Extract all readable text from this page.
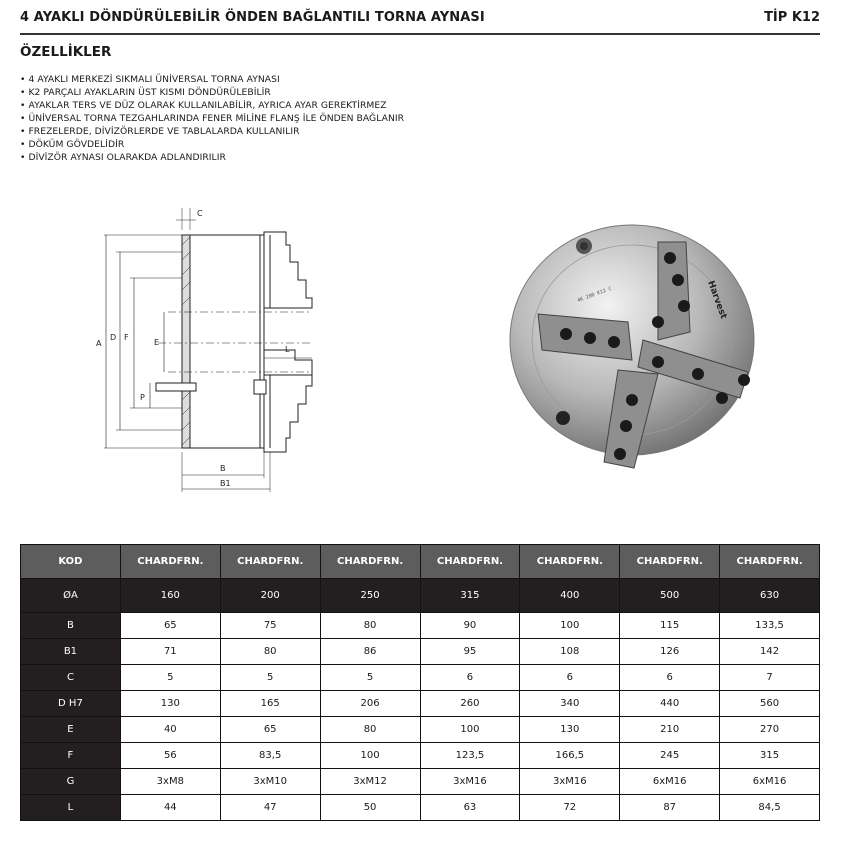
4 AYAKLI DÖNDÜRÜLEBİLİR ÖNDEN BAĞLANTILI TORNA AYNASI	TİP K12
ÖZELLİKLER
• 4 AYAKLI MERKEZİ SIKMALI ÜNİVERSAL TORNA AYNASI
• K2 PARÇALI AYAKLARIN ÜST KISMI DÖNDÜRÜLEBİLİR
• AYAKLAR TERS VE DÜZ OLARAK KULLANILABİLİR, AYRICA AYAR GEREKTİRMEZ
• ÜNİVERSAL TORNA TEZGAHLARINDA FENER MİLİNE FLANŞ İLE ÖNDEN BAĞLANIR
• FREZELERDE, DİVİZÖRLERDE VE TABLALARDA KULLANILIR
• DÖKÜM GÖVDELİDİR
• DİVİZÖR AYNASI OLARAKDA ADLANDIRILIR
A
D F
E
P
C
L
B
B1
Harvest
4K 200 K12 C
KOD	CHARDFRN.	CHARDFRN.	CHARDFRN.	CHARDFRN.	CHARDFRN.	CHARDFRN.	CHARDFRN.
ØA	160	200	250	315	400	500	630
B	65	75	80	90	100	115	133,5
B1	71	80	86	95	108	126	142
C	5	5	5	6	6	6	7
D H7	130	165	206	260	340	440	560
E	40	65	80	100	130	210	270
F	56	83,5	100	123,5	166,5	245	315
G	3xM8	3xM10	3xM12	3xM16	3xM16	6xM16	6xM16
L	44	47	50	63	72	87	84,5
